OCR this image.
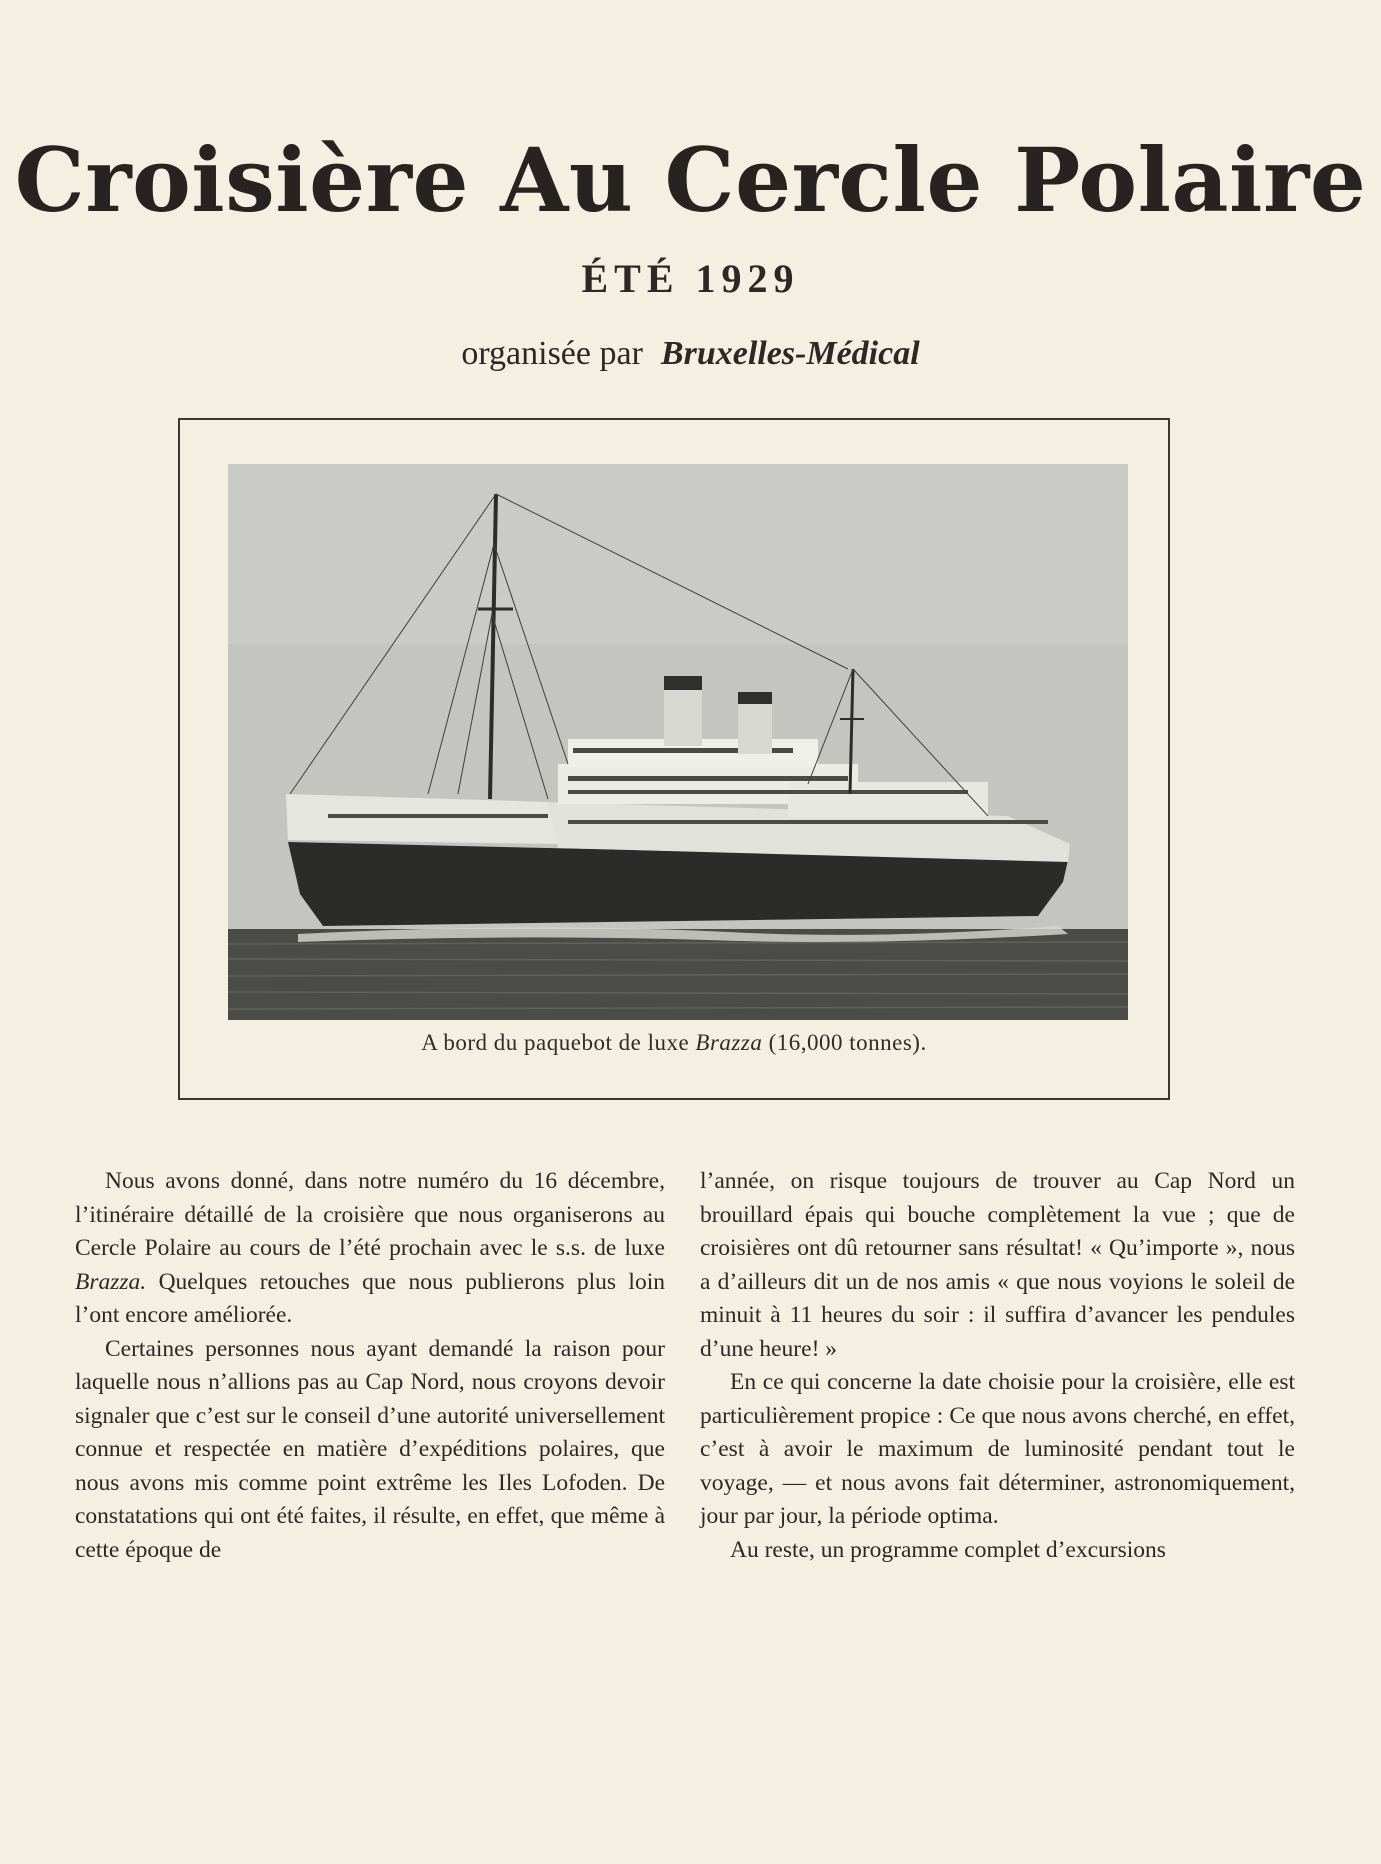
Croisière Au Cercle Polaire
ÉTÉ 1929
organisée par Bruxelles-Médical
A bord du paquebot de luxe Brazza (16,000 tonnes).

Nous avons donné, dans notre numéro du 16 décembre, l’itinéraire détaillé de la croisière que nous organiserons au Cercle Polaire au cours de l’été prochain avec le s.s. de luxe Brazza. Quelques retouches que nous publierons plus loin l’ont encore améliorée.

Certaines personnes nous ayant demandé la raison pour laquelle nous n’allions pas au Cap Nord, nous croyons devoir signaler que c’est sur le conseil d’une autorité universellement connue et respectée en matière d’expéditions polaires, que nous avons mis comme point extrême les Iles Lofoden. De constatations qui ont été faites, il résulte, en effet, que même à cette époque de

l’année, on risque toujours de trouver au Cap Nord un brouillard épais qui bouche complètement la vue ; que de croisières ont dû retourner sans résultat! « Qu’importe », nous a d’ailleurs dit un de nos amis « que nous voyions le soleil de minuit à 11 heures du soir : il suffira d’avancer les pendules d’une heure! »

En ce qui concerne la date choisie pour la croisière, elle est particulièrement propice : Ce que nous avons cherché, en effet, c’est à avoir le maximum de luminosité pendant tout le voyage, — et nous avons fait déterminer, astronomiquement, jour par jour, la période optima.

Au reste, un programme complet d’excursions
